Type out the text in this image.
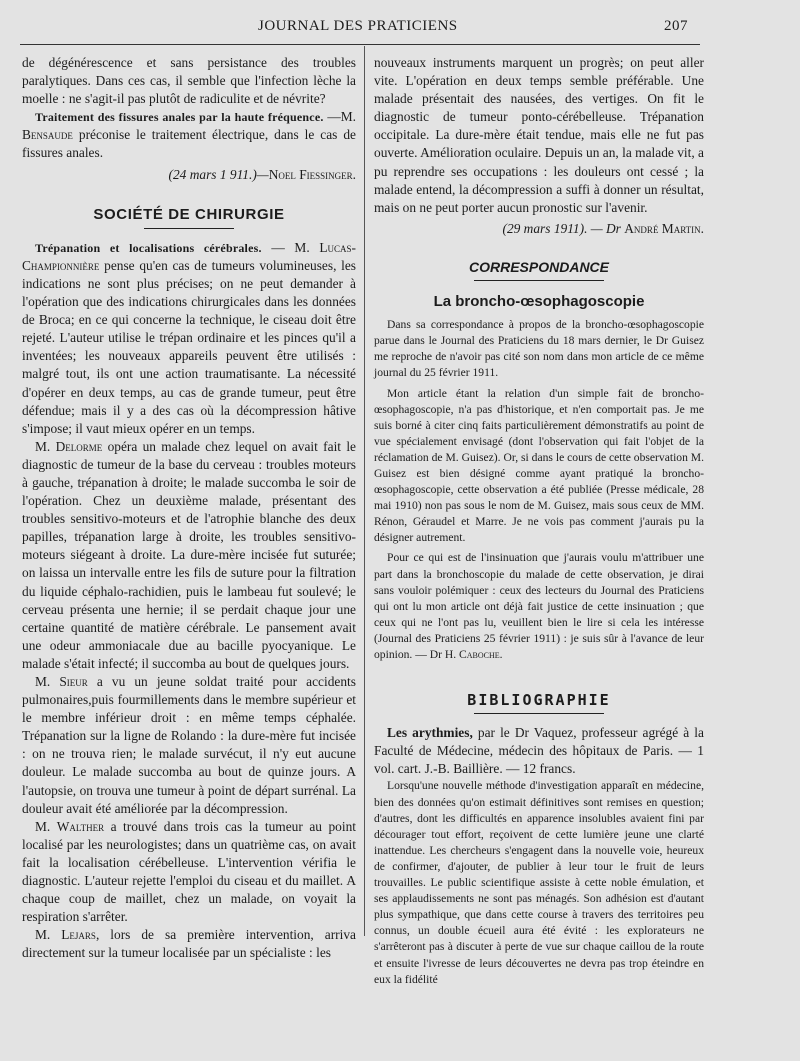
JOURNAL DES PRATICIENS	207

de dégénérescence et sans persistance des troubles paralytiques. Dans ces cas, il semble que l'infection lèche la moelle : ne s'agit-il pas plutôt de radiculite et de névrite?

Traitement des fissures anales par la haute fréquence. —M. Bensaude préconise le traitement électrique, dans le cas de fissures anales.

(24 mars 1 911.)—Noel Fiessinger.

SOCIÉTÉ DE CHIRURGIE

Trépanation et localisations cérébrales. — M. Lucas-Championnière pense qu'en cas de tumeurs volumineuses, les indications ne sont plus précises; on ne peut demander à l'opération que des indications chirurgicales dans les données de Broca; en ce qui concerne la technique, le ciseau doit être rejeté. L'auteur utilise le trépan ordinaire et les pinces qu'il a inventées; les nouveaux appareils peuvent être utilisés : malgré tout, ils ont une action traumatisante. La nécessité d'opérer en deux temps, au cas de grande tumeur, peut être défendue; mais il y a des cas où la décompression hâtive s'impose; il vaut mieux opérer en un temps.

M. Delorme opéra un malade chez lequel on avait fait le diagnostic de tumeur de la base du cerveau : troubles moteurs à gauche, trépanation à droite; le malade succomba le soir de l'opération. Chez un deuxième malade, présentant des troubles sensitivo-moteurs et de l'atrophie blanche des deux papilles, trépanation large à droite, les troubles sensitivo-moteurs siégeant à droite. La dure-mère incisée fut suturée; on laissa un intervalle entre les fils de suture pour la filtration du liquide céphalo-rachidien, puis le lambeau fut soulevé; le cerveau présenta une hernie; il se perdait chaque jour une certaine quantité de matière cérébrale. Le pansement avait une odeur ammoniacale due au bacille pyocyanique. Le malade s'était infecté; il succomba au bout de quelques jours.

M. Sieur a vu un jeune soldat traité pour accidents pulmonaires,puis fourmillements dans le membre supérieur et le membre inférieur droit : en même temps céphalée. Trépanation sur la ligne de Rolando : la dure-mère fut incisée : on ne trouva rien; le malade survécut, il n'y eut aucune douleur. Le malade succomba au bout de quinze jours. A l'autopsie, on trouva une tumeur à point de départ surrénal. La douleur avait été améliorée par la décompression.

M. Walther a trouvé dans trois cas la tumeur au point localisé par les neurologistes; dans un quatrième cas, on avait fait la localisation cérébelleuse. L'intervention vérifia le diagnostic. L'auteur rejette l'emploi du ciseau et du maillet. A chaque coup de maillet, chez un malade, on voyait la respiration s'arrêter.

M. Lejars, lors de sa première intervention, arriva directement sur la tumeur localisée par un spécialiste : les

nouveaux instruments marquent un progrès; on peut aller vite. L'opération en deux temps semble préférable. Une malade présentait des nausées, des vertiges. On fit le diagnostic de tumeur ponto-cérébelleuse. Trépanation occipitale. La dure-mère était tendue, mais elle ne fut pas ouverte. Amélioration oculaire. Depuis un an, la malade vit, a pu reprendre ses occupations : les douleurs ont cessé ; la malade entend, la décompression a suffi à donner un résultat, mais on ne peut porter aucun pronostic sur l'avenir.

(29 mars 1911). — Dr André Martin.

CORRESPONDANCE
La broncho-œsophagoscopie

Dans sa correspondance à propos de la broncho-œsophagoscopie parue dans le Journal des Praticiens du 18 mars dernier, le Dr Guisez me reproche de n'avoir pas cité son nom dans mon article de ce même journal du 25 février 1911.

Mon article étant la relation d'un simple fait de broncho-œsophagoscopie, n'a pas d'historique, et n'en comportait pas. Je me suis borné à citer cinq faits particulièrement démonstratifs au point de vue spécialement envisagé (dont l'observation qui fait l'objet de la réclamation de M. Guisez). Or, si dans le cours de cette observation M. Guisez est bien désigné comme ayant pratiqué la broncho-œsophagoscopie, cette observation a été publiée (Presse médicale, 28 mai 1910) non pas sous le nom de M. Guisez, mais sous ceux de MM. Rénon, Géraudel et Marre. Je ne vois pas comment j'aurais pu la désigner autrement.

Pour ce qui est de l'insinuation que j'aurais voulu m'attribuer une part dans la bronchoscopie du malade de cette observation, je dirai sans vouloir polémiquer : ceux des lecteurs du Journal des Praticiens qui ont lu mon article ont déjà fait justice de cette insinuation ; que ceux qui ne l'ont pas lu, veuillent bien le lire si cela les intéresse (Journal des Praticiens 25 février 1911) : je suis sûr à l'avance de leur opinion. — Dr H. Caboche.

BIBLIOGRAPHIE

Les arythmies, par le Dr Vaquez, professeur agrégé à la Faculté de Médecine, médecin des hôpitaux de Paris. — 1 vol. cart. J.-B. Baillière. — 12 francs.

Lorsqu'une nouvelle méthode d'investigation apparaît en médecine, bien des données qu'on estimait définitives sont remises en question; d'autres, dont les difficultés en apparence insolubles avaient fini par décourager tout effort, reçoivent de cette lumière jeune une clarté inattendue. Les chercheurs s'engagent dans la nouvelle voie, heureux de confirmer, d'ajouter, de publier à leur tour le fruit de leurs trouvailles. Le public scientifique assiste à cette noble émulation, et ses applaudissements ne sont pas ménagés. Son adhésion est d'autant plus sympathique, que dans cette course à travers des territoires peu connus, un double écueil aura été évité : les explorateurs ne s'arrêteront pas à discuter à perte de vue sur chaque caillou de la route et ensuite l'ivresse de leurs découvertes ne devra pas trop éteindre en eux la fidélité
